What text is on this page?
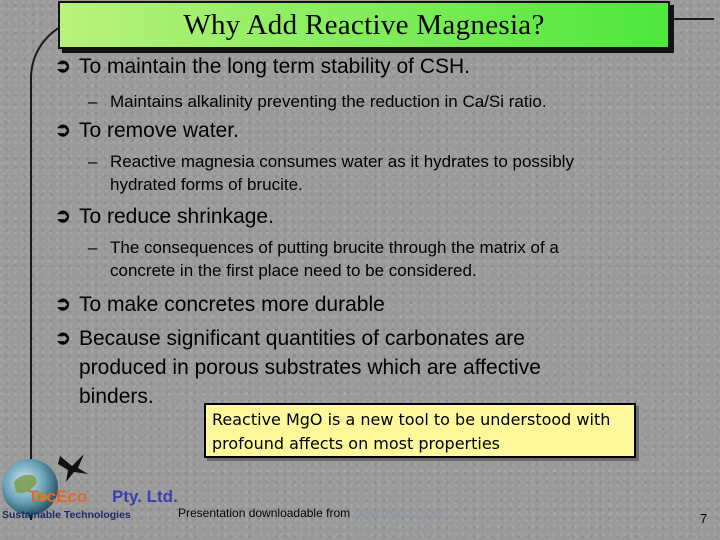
Why Add Reactive Magnesia?
➲ To maintain the long term stability of CSH.
– Maintains alkalinity preventing the reduction in Ca/Si ratio.
➲ To remove water.
– Reactive magnesia consumes water as it hydrates to possibly
hydrated forms of brucite.
➲ To reduce shrinkage.
– The consequences of putting brucite through the matrix of a
concrete in the first place need to be considered.
➲ To make concretes more durable
➲ Because significant quantities of carbonates are
produced in porous substrates which are affective
binders.
Reactive MgO is a new tool to be understood with
profound affects on most properties
TecEco Pty. Ltd.
Sustainable Technologies	Presentation downloadable from www.tececo.com	7
